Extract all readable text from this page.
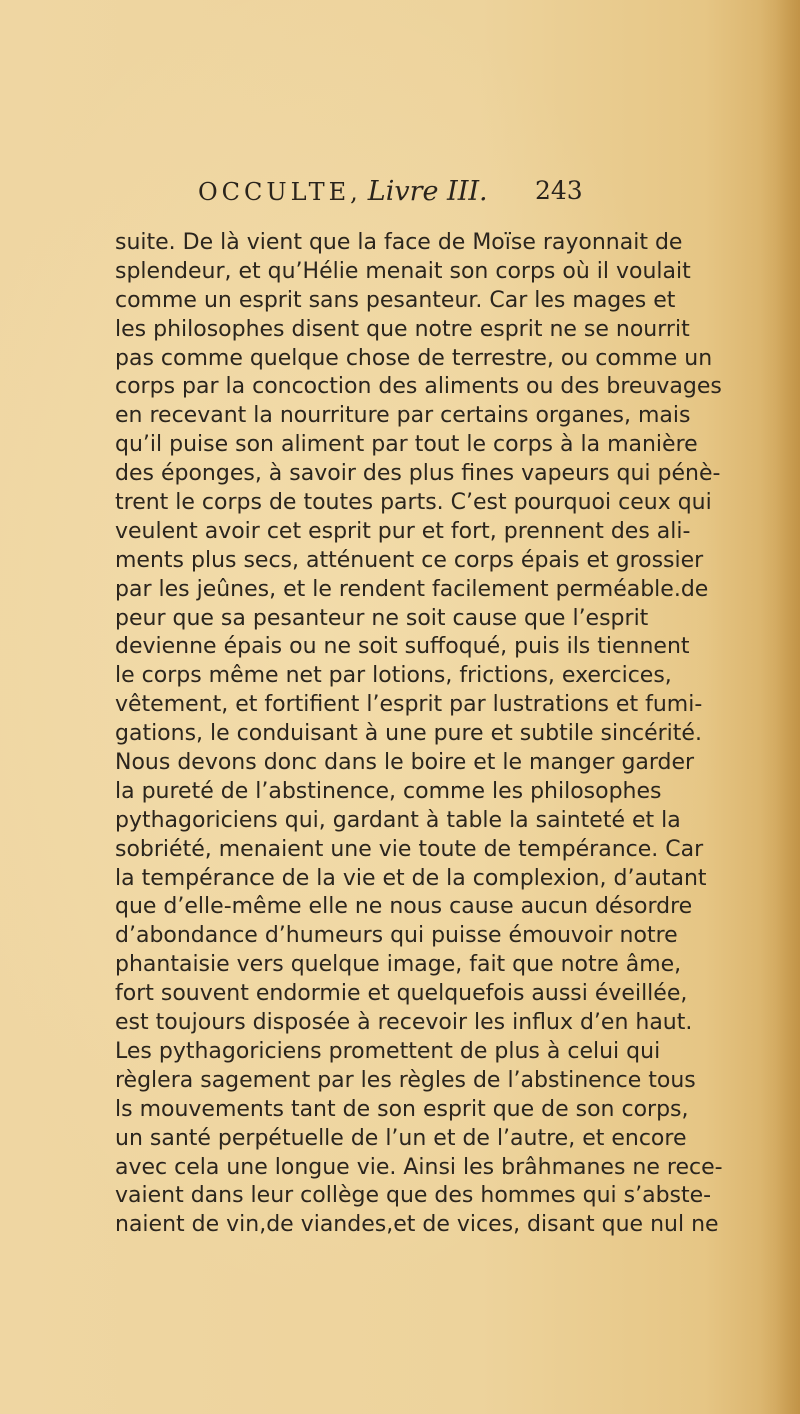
OCCULTE, Livre III.	243
suite. De là vient que la face de Moïse rayonnait de
splendeur, et qu’Hélie menait son corps où il voulait
comme un esprit sans pesanteur. Car les mages et
les philosophes disent que notre esprit ne se nourrit
pas comme quelque chose de terrestre, ou comme un
corps par la concoction des aliments ou des breuvages
en recevant la nourriture par certains organes, mais
qu’il puise son aliment par tout le corps à la manière
des éponges, à savoir des plus fines vapeurs qui pénè-
trent le corps de toutes parts. C’est pourquoi ceux qui
veulent avoir cet esprit pur et fort, prennent des ali-
ments plus secs, atténuent ce corps épais et grossier
par les jeûnes, et le rendent facilement perméable.de
peur que sa pesanteur ne soit cause que l’esprit
devienne épais ou ne soit suffoqué, puis ils tiennent
le corps même net par lotions, frictions, exercices,
vêtement, et fortifient l’esprit par lustrations et fumi-
gations, le conduisant à une pure et subtile sincérité.
Nous devons donc dans le boire et le manger garder
la pureté de l’abstinence, comme les philosophes
pythagoriciens qui, gardant à table la sainteté et la
sobriété, menaient une vie toute de tempérance. Car
la tempérance de la vie et de la complexion, d’autant
que d’elle-même elle ne nous cause aucun désordre
d’abondance d’humeurs qui puisse émouvoir notre
phantaisie vers quelque image, fait que notre âme,
fort souvent endormie et quelquefois aussi éveillée,
est toujours disposée à recevoir les influx d’en haut.
Les pythagoriciens promettent de plus à celui qui
règlera sagement par les règles de l’abstinence tous
ls mouvements tant de son esprit que de son corps,
un santé perpétuelle de l’un et de l’autre, et encore
avec cela une longue vie. Ainsi les brâhmanes ne rece-
vaient dans leur collège que des hommes qui s’abste-
naient de vin,de viandes,et de vices, disant que nul ne
